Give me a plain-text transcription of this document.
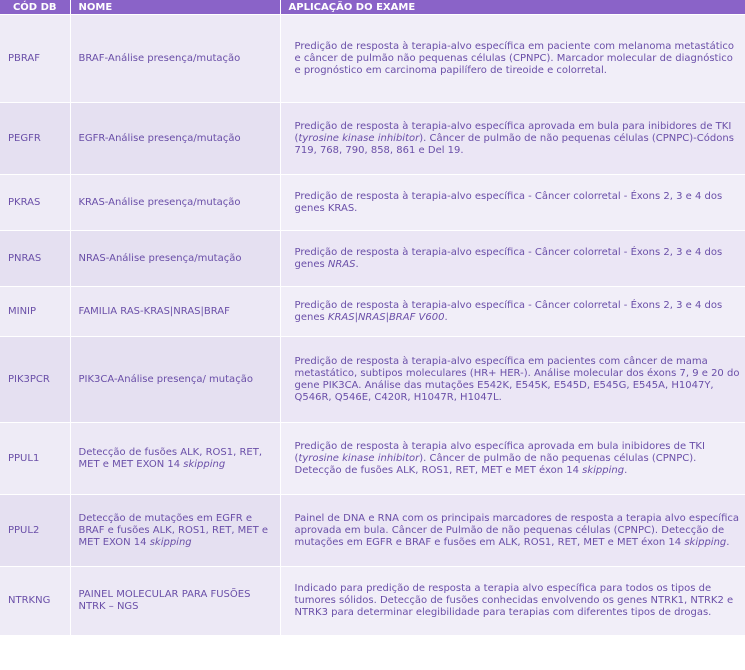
CÓD DB	NOME	APLICAÇÃO DO EXAME
PBRAF	BRAF-Análise presença/mutação	Predição de resposta à terapia-alvo específica em paciente com melanoma metastático e câncer de pulmão não pequenas células (CPNPC). Marcador molecular de diagnóstico e prognóstico em carcinoma papilífero de tireoide e colorretal.
PEGFR	EGFR-Análise presença/mutação	Predição de resposta à terapia-alvo específica aprovada em bula para inibidores de TKI (tyrosine kinase inhibitor). Câncer de pulmão de não pequenas células (CPNPC)-Códons 719, 768, 790, 858, 861 e Del 19.
PKRAS	KRAS-Análise presença/mutação	Predição de resposta à terapia-alvo específica - Câncer colorretal - Éxons 2, 3 e 4 dos genes KRAS.
PNRAS	NRAS-Análise presença/mutação	Predição de resposta à terapia-alvo específica - Câncer colorretal - Éxons 2, 3 e 4 dos genes NRAS.
MINIP	FAMILIA RAS-KRAS|NRAS|BRAF	Predição de resposta à terapia-alvo específica - Câncer colorretal - Éxons 2, 3 e 4 dos genes KRAS|NRAS|BRAF V600.
PIK3PCR	PIK3CA-Análise presença/ mutação	Predição de resposta à terapia-alvo específica em pacientes com câncer de mama metastático, subtipos moleculares (HR+ HER-). Análise molecular dos éxons 7, 9 e 20 do gene PIK3CA. Análise das mutações E542K, E545K, E545D, E545G, E545A, H1047Y, Q546R, Q546E, C420R, H1047R, H1047L.
PPUL1	Detecção de fusões ALK, ROS1, RET, MET e MET EXON 14 skipping	Predição de resposta à terapia alvo específica aprovada em bula inibidores de TKI (tyrosine kinase inhibitor). Câncer de pulmão de não pequenas células (CPNPC). Detecção de fusões ALK, ROS1, RET, MET e MET éxon 14 skipping.
PPUL2	Detecção de mutações em EGFR e BRAF e fusões ALK, ROS1, RET, MET e MET EXON 14 skipping	Painel de DNA e RNA com os principais marcadores de resposta a terapia alvo específica aprovada em bula. Câncer de Pulmão de não pequenas células (CPNPC). Detecção de mutações em EGFR e BRAF e fusões em ALK, ROS1, RET, MET e MET éxon 14 skipping.
NTRKNG	PAINEL MOLECULAR PARA FUSÕES NTRK – NGS	Indicado para predição de resposta a terapia alvo específica para todos os tipos de tumores sólidos. Detecção de fusões conhecidas envolvendo os genes NTRK1, NTRK2 e NTRK3 para determinar elegibilidade para terapias com diferentes tipos de drogas.
